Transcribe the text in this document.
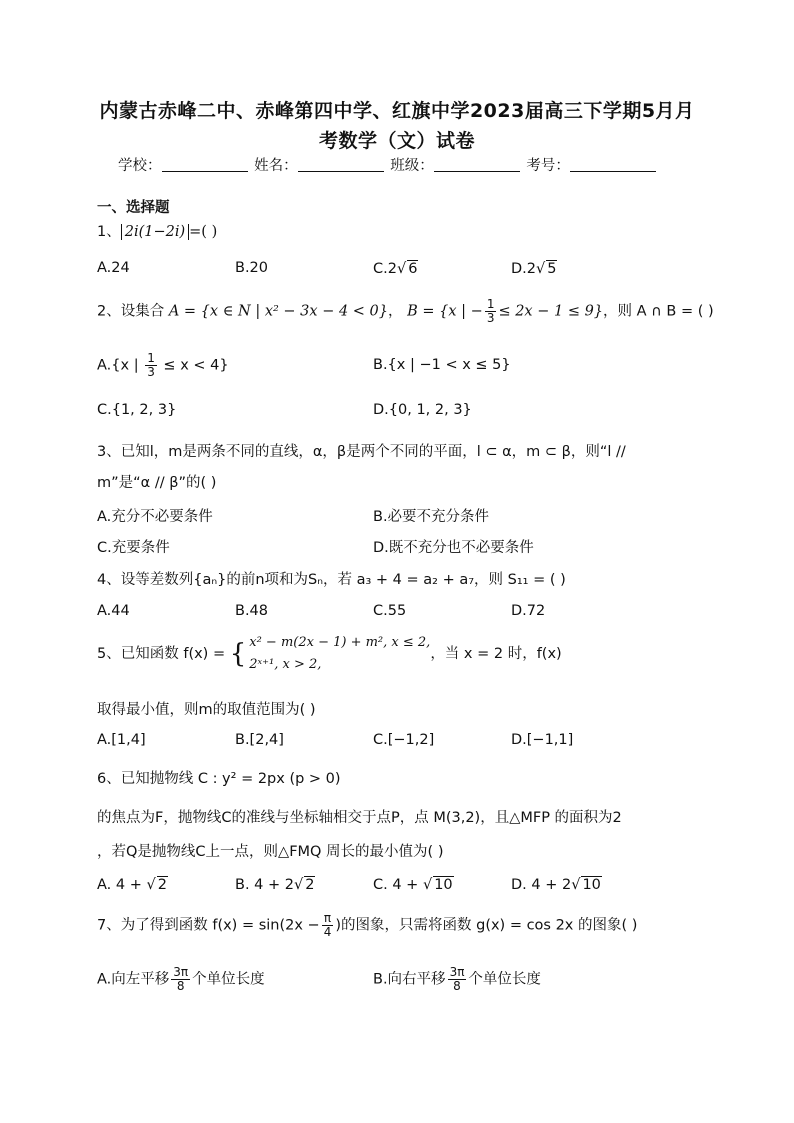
内蒙古赤峰二中、赤峰第四中学、红旗中学2023届高三下学期5月月
考数学（文）试卷
学校：	姓名：	班级：	考号：
一、选择题
1、 2i(1−2i) =( )
A.24	B.20	C.2√ 6	D.2√ 5
2、设集合 A = {x ∈ N | x² − 3x − 4 < 0}， B = {x | − $\frac{1}{3} \le 2x - 1 \le 9$}，则 A ∩ B = ( )
A.{x | $\frac{1}{3} \le x < 4$}	B.{x | −1 < x ≤ 5}
C.{1, 2, 3}	D.{0, 1, 2, 3}
3、已知l，m是两条不同的直线，α，β是两个不同的平面，l ⊂ α，m ⊂ β，则“l //
m”是“α // β”的( )
A.充分不必要条件	B.必要不充分条件
C.充要条件	D.既不充分也不必要条件
4、设等差数列{aₙ}的前n项和为Sₙ，若 a₃ + 4 = a₂ + a₇，则 S₁₁ = ( )
A.44	B.48	C.55	D.72
5、已知函数 f(x) = { x² − m(2x − 1) + m², x ≤ 2,
2ˣ⁺¹, x > 2,
，当 x = 2 时，f(x)
取得最小值，则m的取值范围为( )
A.[1,4]	B.[2,4]	C.[−1,2]	D.[−1,1]
6、已知抛物线 C : y² = 2px (p > 0)
的焦点为F，抛物线C的准线与坐标轴相交于点P，点 M(3,2)，且△MFP 的面积为2
，若Q是抛物线C上一点，则△FMQ 周长的最小值为( )
A. 4 + √ 2	B. 4 + 2√ 2	C. 4 + √ 10	D. 4 + 2√ 10
7、为了得到函数 $f(x) = \sin(2x - \frac{\pi}{4}$ )的图象，只需将函数 g(x) = cos 2x 的图象( )
A.向左平移 $\frac{3\pi}{8}$ 个单位长度	B.向右平移 $\frac{3\pi}{8}$ 个单位长度
